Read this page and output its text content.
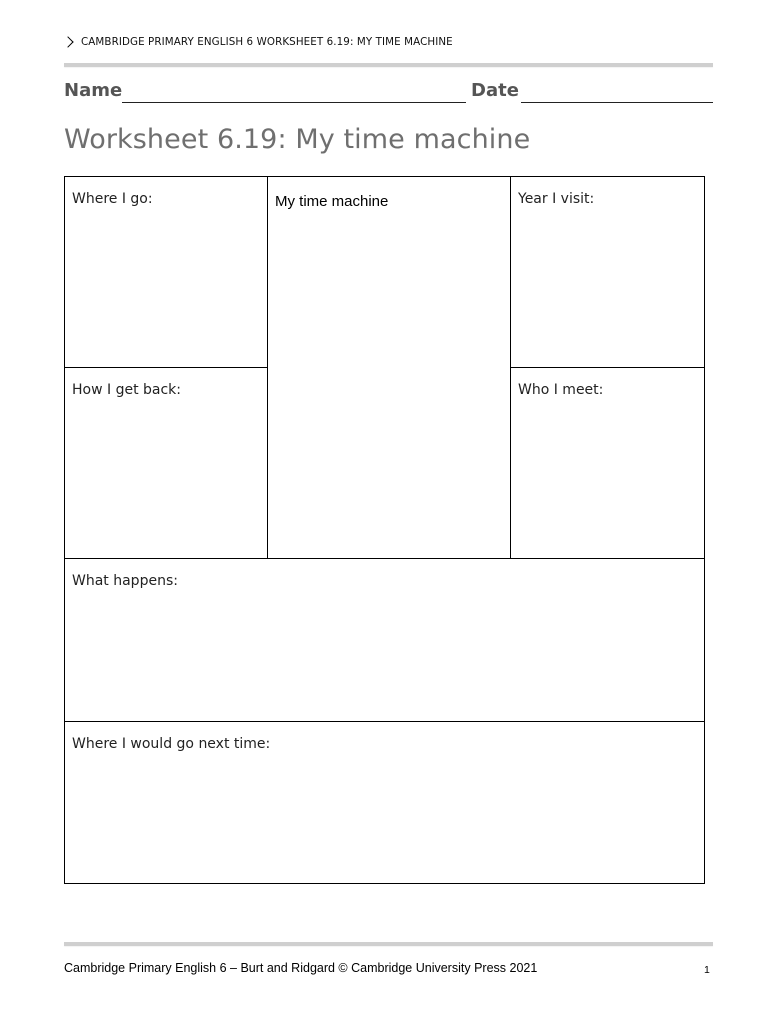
CAMBRIDGE PRIMARY ENGLISH 6 WORKSHEET 6.19: MY TIME MACHINE
Name	Date
Worksheet 6.19: My time machine
Where I go:	My time machine	Year I visit:
How I get back:	Who I meet:
What happens:
Where I would go next time:
Cambridge Primary English 6 – Burt and Ridgard © Cambridge University Press 2021	1
